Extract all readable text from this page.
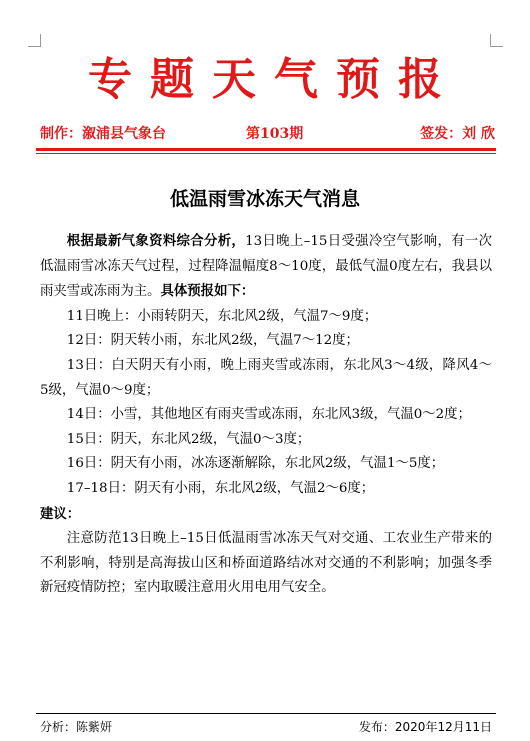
专题天气预报
制作：溆浦县气象台	第103期	签发：刘 欣
低温雨雪冰冻天气消息

根据最新气象资料综合分析，13日晚上–15日受强冷空气影响，有一次低温雨雪冰冻天气过程，过程降温幅度8～10度，最低气温0度左右，我县以雨夹雪或冻雨为主。具体预报如下：

11日晚上：小雨转阴天，东北风2级，气温7～9度；

12日：阴天转小雨，东北风2级，气温7～12度；

13日：白天阴天有小雨，晚上雨夹雪或冻雨，东北风3～4级，降风4～5级，气温0～9度；

14日：小雪，其他地区有雨夹雪或冻雨，东北风3级，气温0～2度；

15日：阴天，东北风2级，气温0～3度；

16日：阴天有小雨，冰冻逐渐解除，东北风2级，气温1～5度；

17–18日：阴天有小雨，东北风2级，气温2～6度；

建议：

注意防范13日晚上–15日低温雨雪冰冻天气对交通、工农业生产带来的不利影响，特别是高海拔山区和桥面道路结冰对交通的不利影响；加强冬季新冠疫情防控；室内取暖注意用火用电用气安全。

分析：陈紫妍	发布：2020年12月11日
